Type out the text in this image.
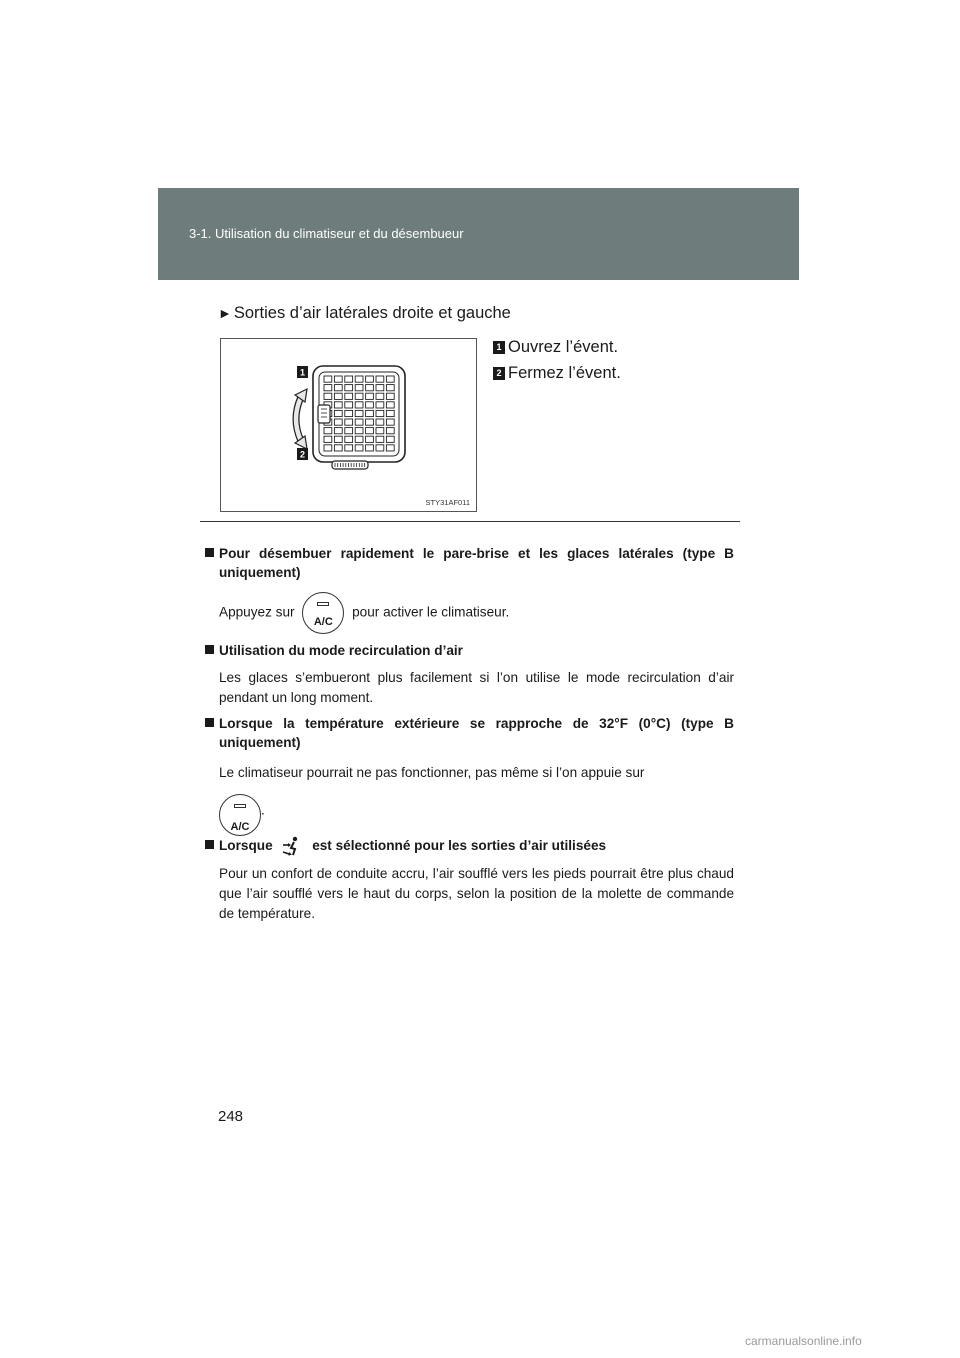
3-1. Utilisation du climatiseur et du désembueur
► Sorties d’air latérales droite et gauche
1
2
STY31AF011
1 Ouvrez l’évent.
2 Fermez l’évent.
Pour désembuer rapidement le pare-brise et les glaces latérales (type B uniquement)
Appuyez sur
A/C
pour activer le climatiseur.
Utilisation du mode recirculation d’air
Les glaces s’embueront plus facilement si l’on utilise le mode recirculation d’air pendant un long moment.
Lorsque la température extérieure se rapproche de 32°F (0°C) (type B uniquement)
Le climatiseur pourrait ne pas fonctionner, pas même si l’on appuie sur

A/C
.
Lorsque	est sélectionné pour les sorties d’air utilisées
Pour un confort de conduite accru, l’air soufflé vers les pieds pourrait être plus chaud que l’air soufflé vers le haut du corps, selon la position de la molette de commande de température.
248
carmanualsonline.info
